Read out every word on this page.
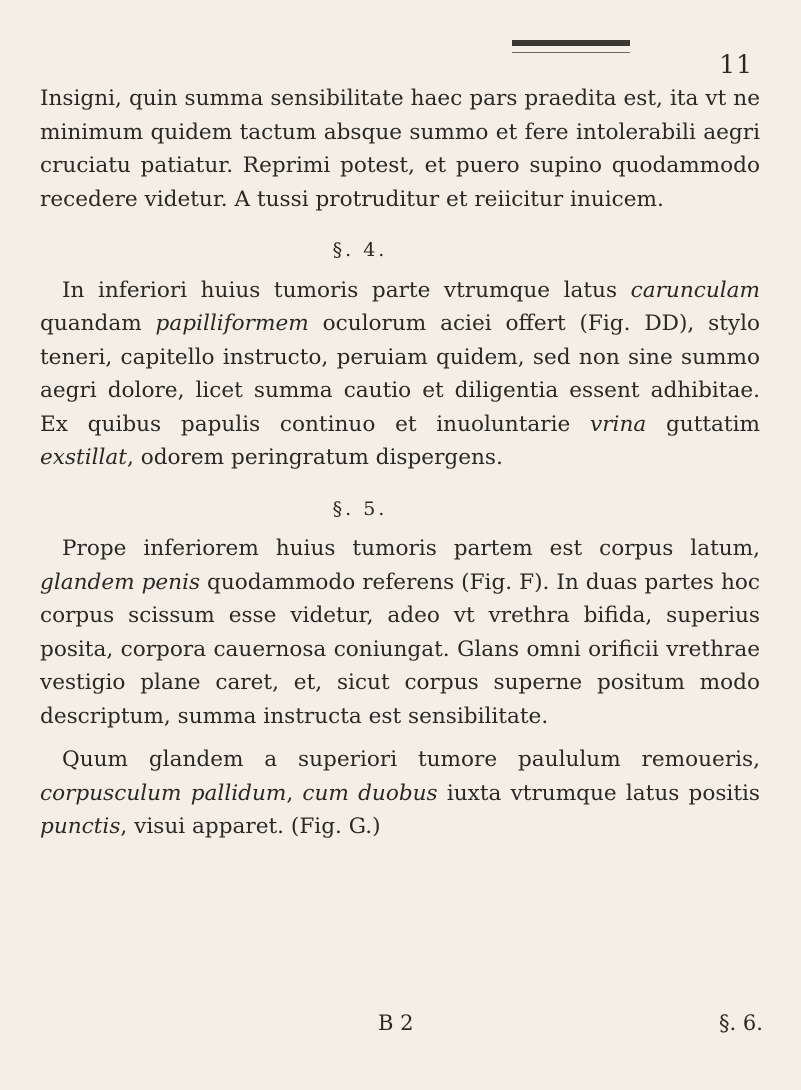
11

Insigni, quin summa sensibilitate haec pars praedita est, ita vt ne minimum quidem tactum absque summo et fere intolerabili aegri cruciatu patiatur. Reprimi potest, et puero supino quodammodo recedere videtur. A tussi protruditur et reiicitur inuicem.

§. 4.

In inferiori huius tumoris parte vtrumque latus carunculam quandam papilliformem oculorum aciei offert (Fig. DD), stylo teneri, capitello instructo, peruiam quidem, sed non sine summo aegri dolore, licet summa cautio et diligentia essent adhibitae. Ex quibus papulis continuo et inuoluntarie vrina guttatim exstillat, odorem peringratum dispergens.

§. 5.

Prope inferiorem huius tumoris partem est corpus latum, glandem penis quodammodo referens (Fig. F). In duas partes hoc corpus scissum esse videtur, adeo vt vrethra bifida, superius posita, corpora cauernosa coniungat. Glans omni orificii vrethrae vestigio plane caret, et, sicut corpus superne positum modo descriptum, summa instructa est sensibilitate.

Quum glandem a superiori tumore paululum remoueris, corpusculum pallidum, cum duobus iuxta vtrumque latus positis punctis, visui apparet. (Fig. G.)

B 2	§. 6.
